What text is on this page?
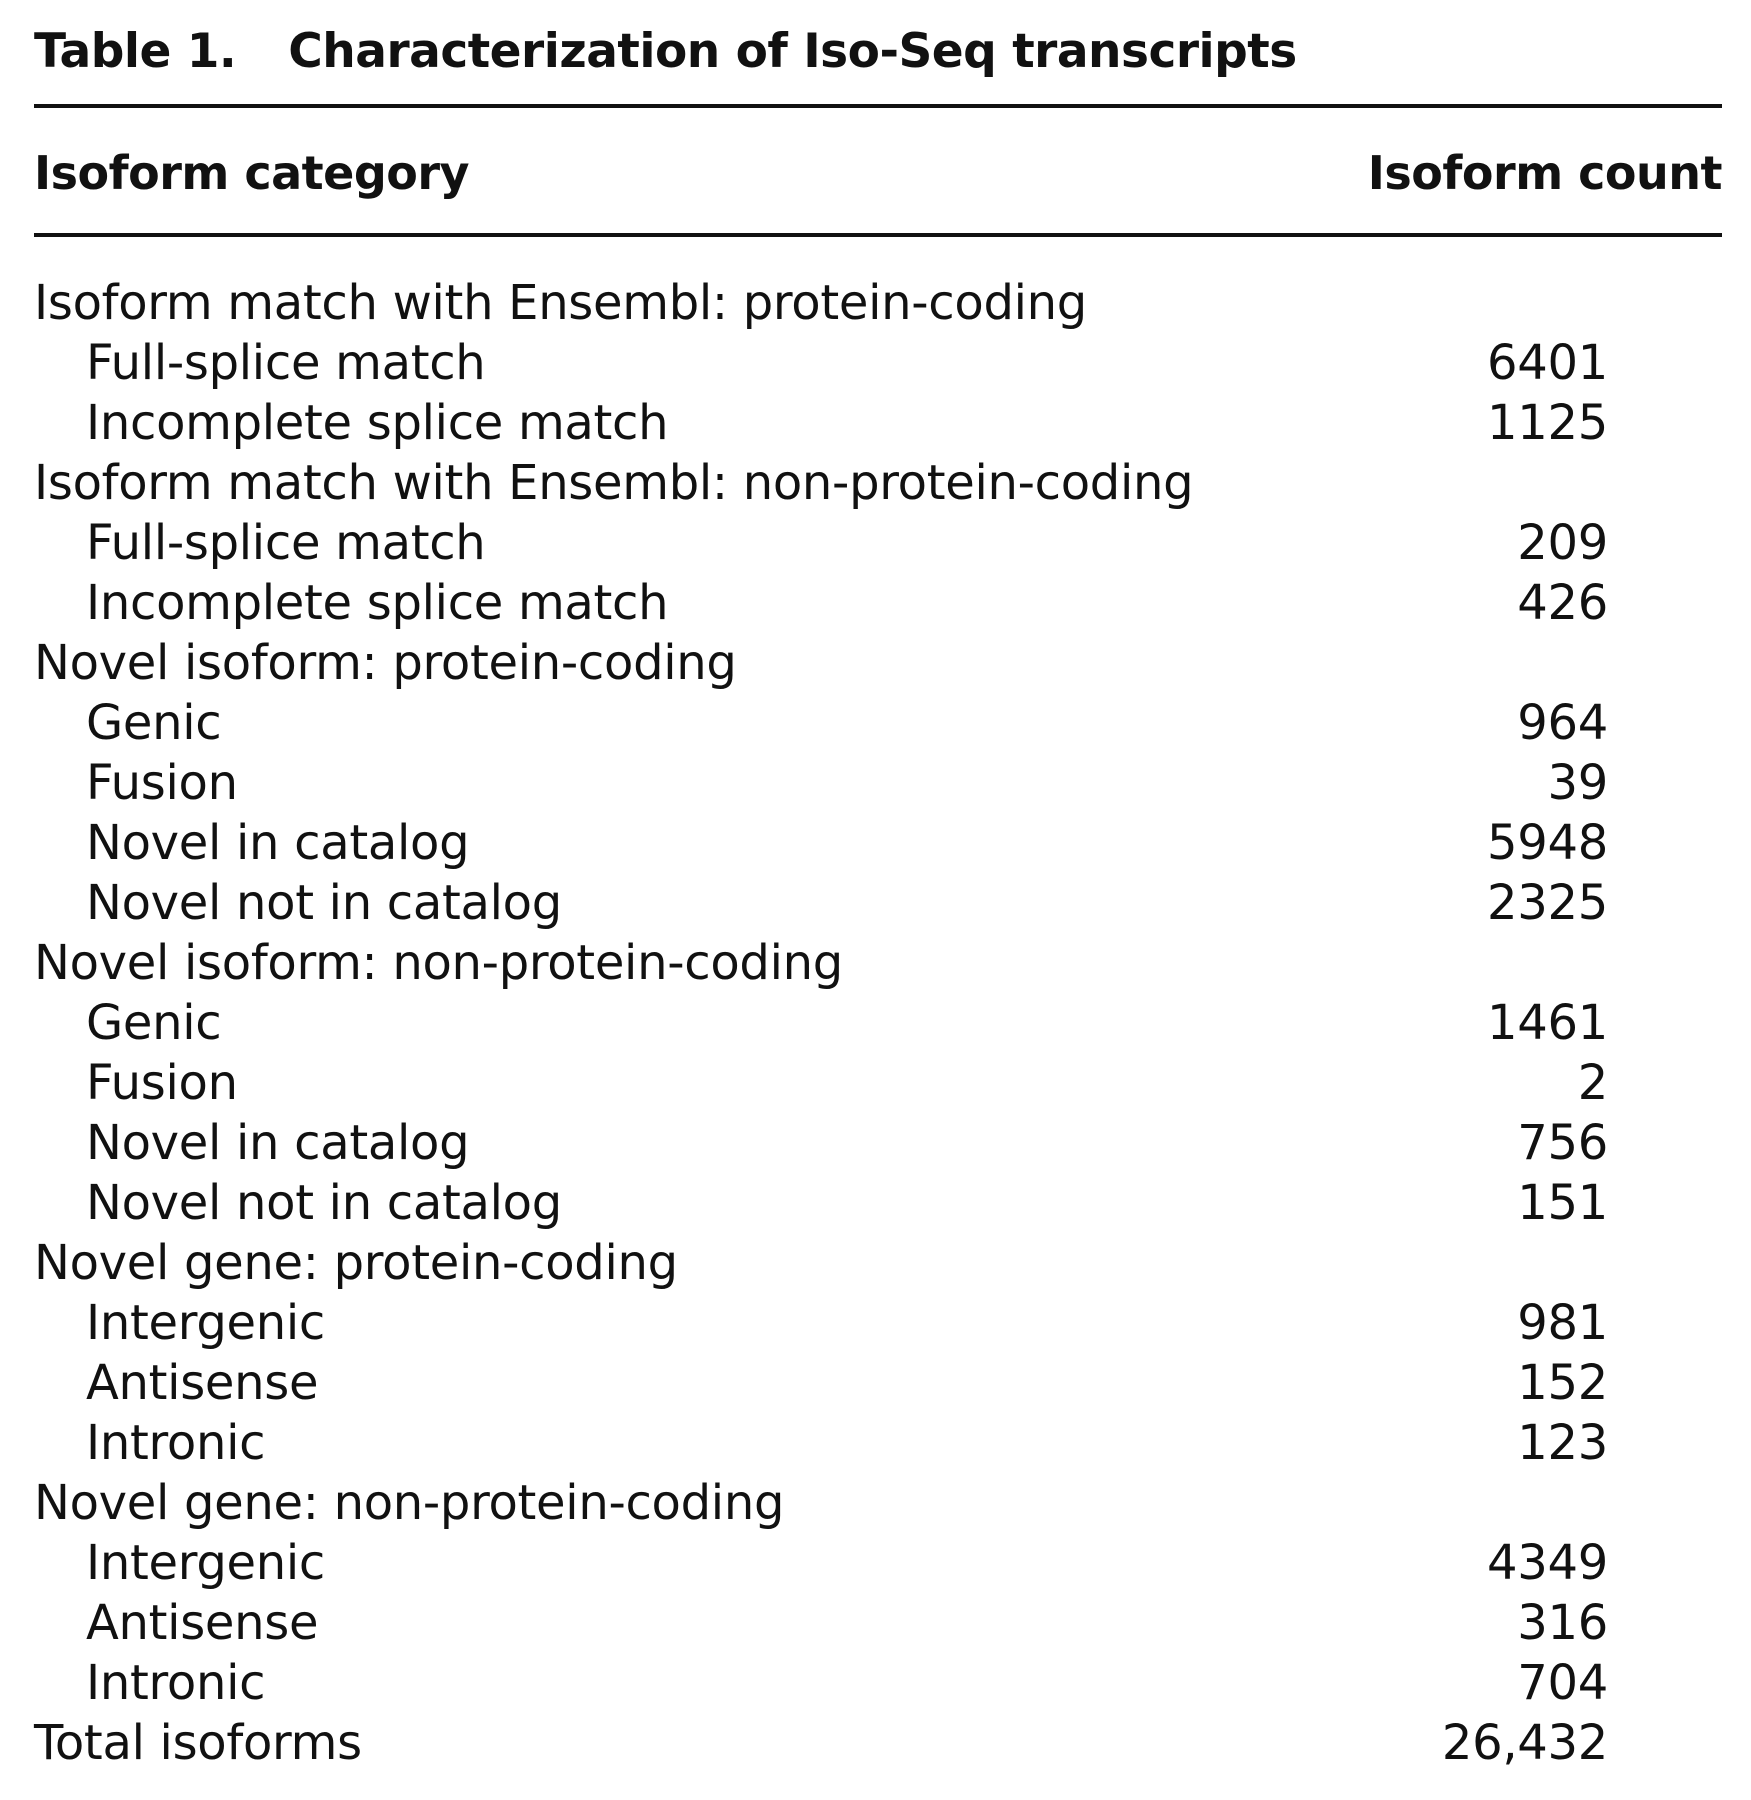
Table 1. Characterization of Iso-Seq transcripts
Isoform category	Isoform count
Isoform match with Ensembl: protein-coding
Full-splice match	6401
Incomplete splice match	1125
Isoform match with Ensembl: non-protein-coding
Full-splice match	209
Incomplete splice match	426
Novel isoform: protein-coding
Genic	964
Fusion	39
Novel in catalog	5948
Novel not in catalog	2325
Novel isoform: non-protein-coding
Genic	1461
Fusion	2
Novel in catalog	756
Novel not in catalog	151
Novel gene: protein-coding
Intergenic	981
Antisense	152
Intronic	123
Novel gene: non-protein-coding
Intergenic	4349
Antisense	316
Intronic	704
Total isoforms	26,432
